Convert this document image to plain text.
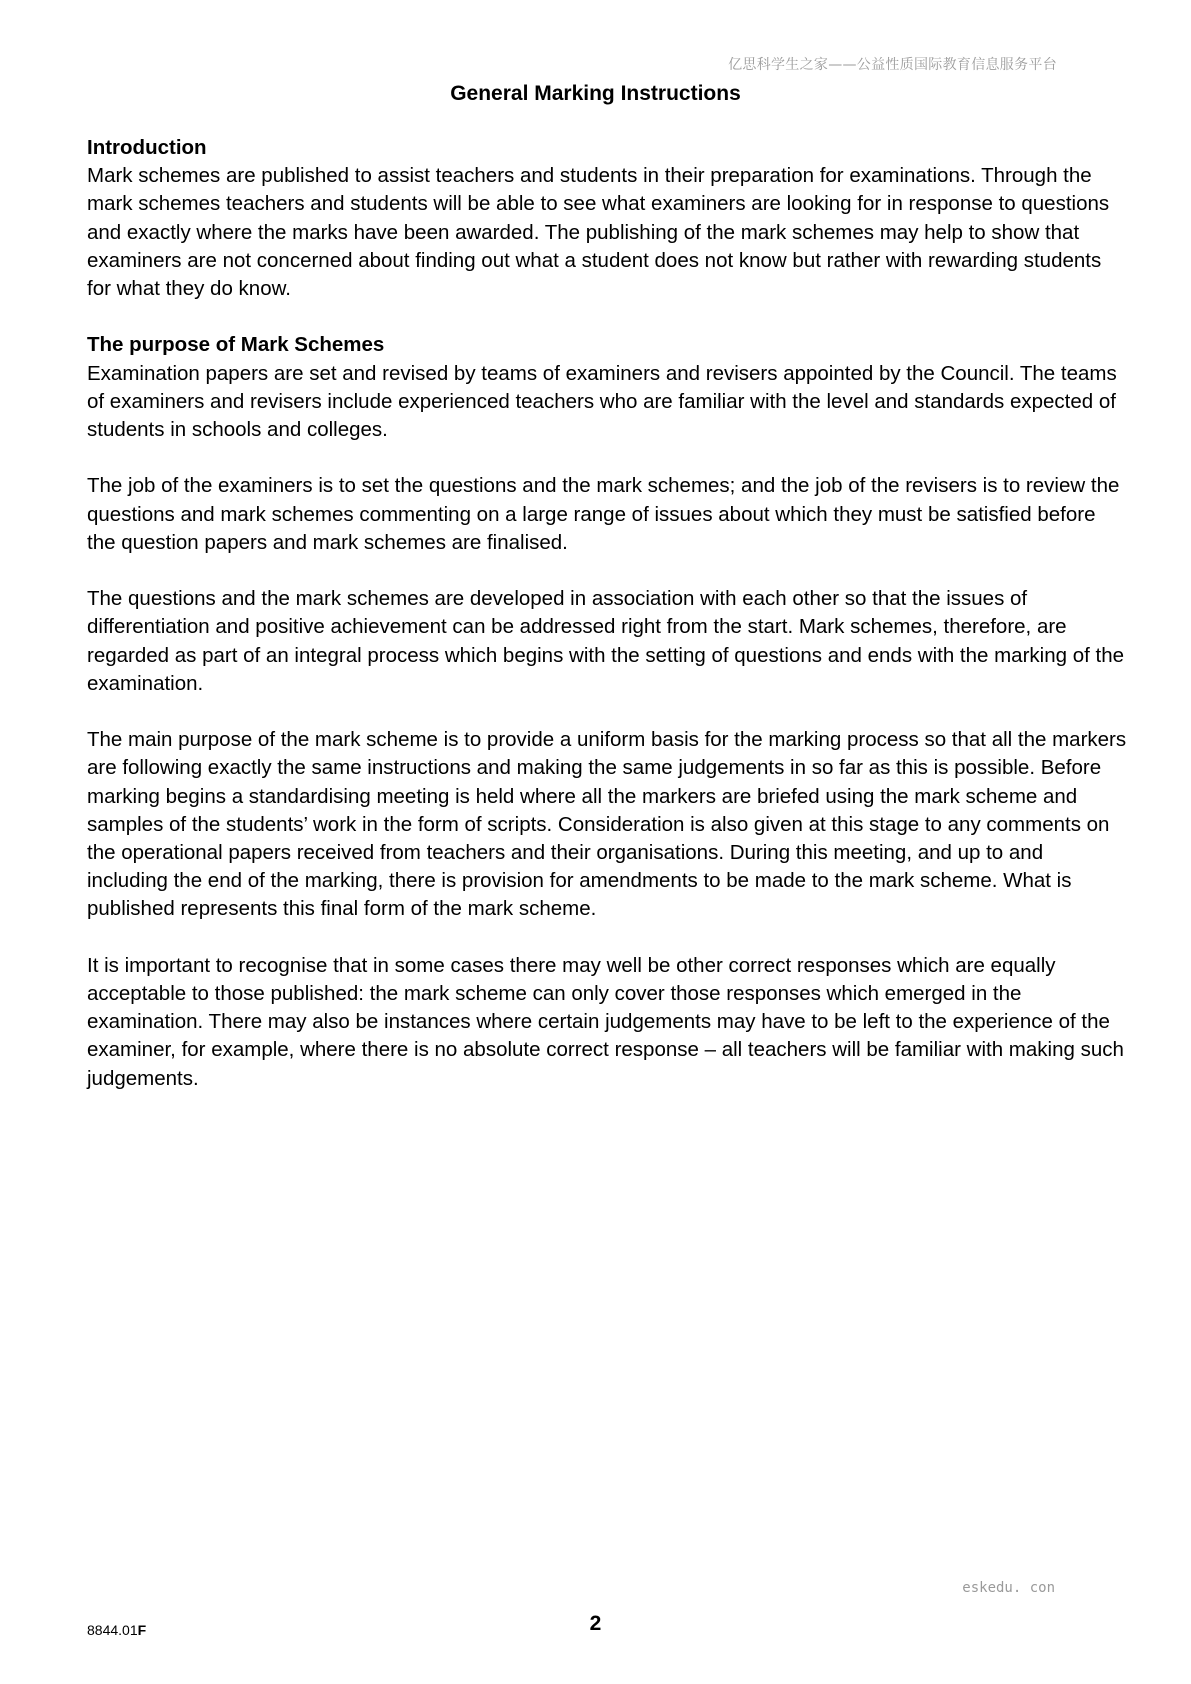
亿思科学生之家——公益性质国际教育信息服务平台
General Marking Instructions

Introduction

Mark schemes are published to assist teachers and students in their preparation for examinations. Through the mark schemes teachers and students will be able to see what examiners are looking for in response to questions and exactly where the marks have been awarded. The publishing of the mark schemes may help to show that examiners are not concerned about finding out what a student does not know but rather with rewarding students for what they do know.

The purpose of Mark Schemes

Examination papers are set and revised by teams of examiners and revisers appointed by the Council. The teams of examiners and revisers include experienced teachers who are familiar with the level and standards expected of students in schools and colleges.

The job of the examiners is to set the questions and the mark schemes; and the job of the revisers is to review the questions and mark schemes commenting on a large range of issues about which they must be satisfied before the question papers and mark schemes are finalised.

The questions and the mark schemes are developed in association with each other so that the issues of differentiation and positive achievement can be addressed right from the start. Mark schemes, therefore, are regarded as part of an integral process which begins with the setting of questions and ends with the marking of the examination.

The main purpose of the mark scheme is to provide a uniform basis for the marking process so that all the markers are following exactly the same instructions and making the same judgements in so far as this is possible. Before marking begins a standardising meeting is held where all the markers are briefed using the mark scheme and samples of the students’ work in the form of scripts. Consideration is also given at this stage to any comments on the operational papers received from teachers and their organisations. During this meeting, and up to and including the end of the marking, there is provision for amendments to be made to the mark scheme. What is published represents this final form of the mark scheme.

It is important to recognise that in some cases there may well be other correct responses which are equally acceptable to those published: the mark scheme can only cover those responses which emerged in the examination. There may also be instances where certain judgements may have to be left to the experience of the examiner, for example, where there is no absolute correct response – all teachers will be familiar with making such judgements.

eskedu. con
8844.01F	2
